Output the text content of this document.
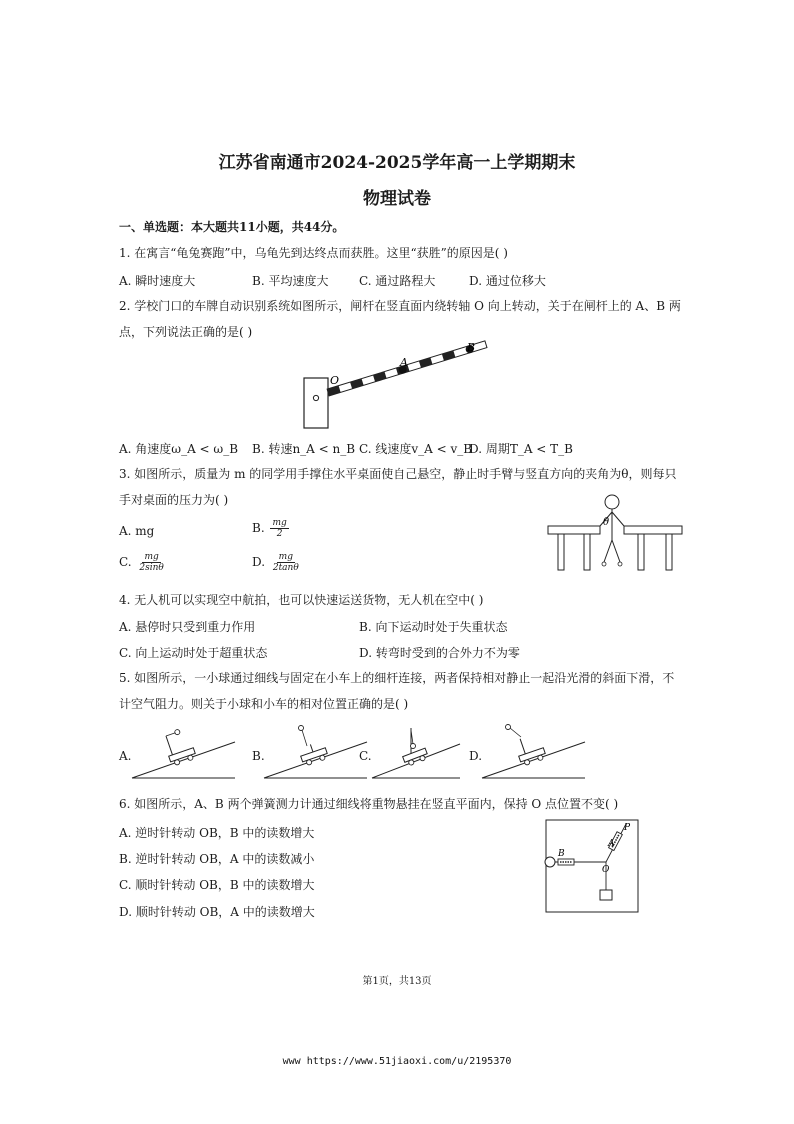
江苏省南通市2024-2025学年高一上学期期末
物理试卷
一、单选题：本大题共11小题，共44分。
1. 在寓言“龟兔赛跑”中，乌龟先到达终点而获胜。这里“获胜”的原因是( )
A. 瞬时速度大	B. 平均速度大	C. 通过路程大	D. 通过位移大
2. 学校门口的车牌自动识别系统如图所示，闸杆在竖直面内绕转轴 O 向上转动，关于在闸杆上的 A、B 两
点，下列说法正确的是( )
O
A
B
A. 角速度ω_A < ω_B B. 转速n_A < n_B C. 线速度v_A < v_B
D. 周期T_A < T_B
3. 如图所示，质量为 m 的同学用手撑住水平桌面使自己悬空，静止时手臂与竖直方向的夹角为θ，则每只
手对桌面的压力为( )
A. mg	B. $\frac{mg}{2}$
C. $\frac{mg}{2\sin\theta}$	D. $\frac{mg}{2\tan\theta}$
θ
4. 无人机可以实现空中航拍，也可以快速运送货物，无人机在空中( )
A. 悬停时只受到重力作用	B. 向下运动时处于失重状态
C. 向上运动时处于超重状态	D. 转弯时受到的合外力不为零
5. 如图所示，一小球通过细线与固定在小车上的细杆连接，两者保持相对静止一起沿光滑的斜面下滑，不
计空气阻力。则关于小球和小车的相对位置正确的是( )
A.	B.	C.	D.
6. 如图所示，A、B 两个弹簧测力计通过细线将重物悬挂在竖直平面内，保持 O 点位置不变( )
A. 逆时针转动 OB，B 中的读数增大
B. 逆时针转动 OB，A 中的读数减小
C. 顺时针转动 OB，B 中的读数增大
D. 顺时针转动 OB，A 中的读数增大
P
A
B
O
第1页，共13页
www https://www.51jiaoxi.com/u/2195370
